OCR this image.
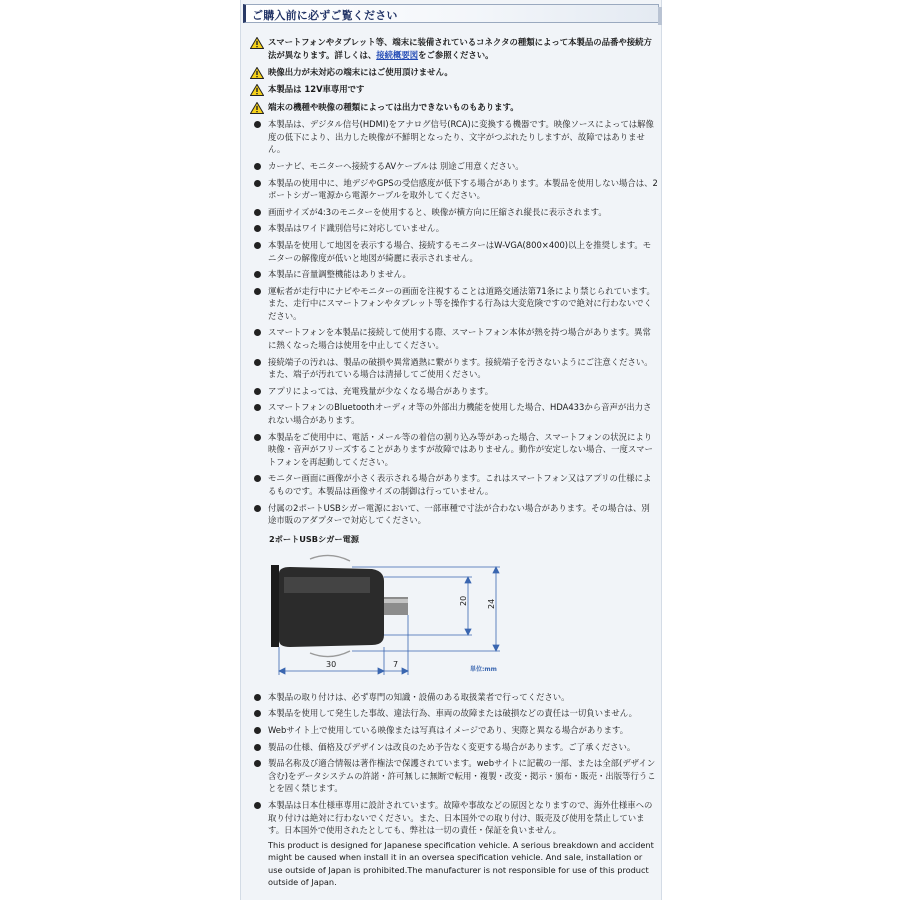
ご購入前に必ずご覧ください
スマートフォンやタブレット等、端末に装備されているコネクタの種類によって本製品の品番や接続方法が異なります。詳しくは、接続概要図をご参照ください。
映像出力が未対応の端末にはご使用頂けません。
本製品は 12V車専用です
端末の機種や映像の種類によっては出力できないものもあります。
本製品は、デジタル信号(HDMI)をアナログ信号(RCA)に変換する機器です。映像ソースによっては解像度の低下により、出力した映像が不鮮明となったり、文字がつぶれたりしますが、故障ではありません。
カーナビ、モニターへ接続するAVケーブルは 別途ご用意ください。
本製品の使用中に、地デジやGPSの受信感度が低下する場合があります。本製品を使用しない場合は、2ポートシガー電源から電源ケーブルを取外してください。
画面サイズが4:3のモニターを使用すると、映像が横方向に圧縮され縦長に表示されます。
本製品はワイド識別信号に対応していません。
本製品を使用して地図を表示する場合、接続するモニターはW-VGA(800×400)以上を推奨します。モニターの解像度が低いと地図が綺麗に表示されません。
本製品に音量調整機能はありません。
運転者が走行中にナビやモニターの画面を注視することは道路交通法第71条により禁じられています。また、走行中にスマートフォンやタブレット等を操作する行為は大変危険ですので絶対に行わないでください。
スマートフォンを本製品に接続して使用する際、スマートフォン本体が熱を持つ場合があります。異常に熱くなった場合は使用を中止してください。
接続端子の汚れは、製品の破損や異常過熱に繋がります。接続端子を汚さないようにご注意ください。また、端子が汚れている場合は清掃してご使用ください。
アプリによっては、充電残量が少なくなる場合があります。
スマートフォンのBluetoothオーディオ等の外部出力機能を使用した場合、HDA433から音声が出力されない場合があります。
本製品をご使用中に、電話・メール等の着信の割り込み等があった場合、スマートフォンの状況により映像・音声がフリーズすることがありますが故障ではありません。動作が安定しない場合、一度スマートフォンを再起動してください。
モニター画面に画像が小さく表示される場合があります。これはスマートフォン又はアプリの仕様によるものです。本製品は画像サイズの制御は行っていません。
付属の2ポートUSBシガー電源において、一部車種で寸法が合わない場合があります。その場合は、別途市販のアダプターで対応してください。
2ポートUSBシガー電源
20 24
30	7
単位:mm
本製品の取り付けは、必ず専門の知識・設備のある取扱業者で行ってください。
本製品を使用して発生した事故、違法行為、車両の故障または破損などの責任は一切負いません。
Webサイト上で使用している映像または写真はイメージであり、実際と異なる場合があります。
製品の仕様、価格及びデザインは改良のため予告なく変更する場合があります。ご了承ください。
製品名称及び適合情報は著作権法で保護されています。webサイトに記載の一部、または全部(デザイン含む)をデータシステムの許諾・許可無しに無断で転用・複製・改変・掲示・頒布・販売・出版等行うことを固く禁じます。
本製品は日本仕様車専用に設計されています。故障や事故などの原因となりますので、海外仕様車への取り付けは絶対に行わないでください。また、日本国外での取り付け、販売及び使用を禁止しています。日本国外で使用されたとしても、弊社は一切の責任・保証を負いません。
This product is designed for Japanese specification vehicle. A serious breakdown and accident might be caused when install it in an oversea specification vehicle. And sale, installation or use outside of Japan is prohibited.The manufacturer is not responsible for use of this product outside of Japan.
